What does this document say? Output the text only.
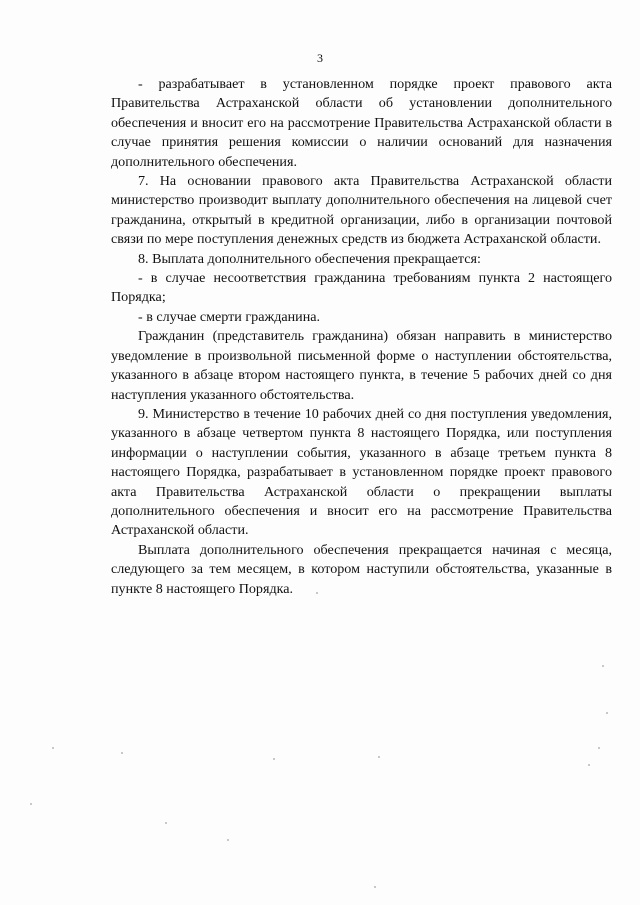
3

- разрабатывает в установленном порядке проект правового акта Правительства Астраханской области об установлении дополнительного обеспечения и вносит его на рассмотрение Правительства Астраханской области в случае принятия решения комиссии о наличии оснований для назначения дополнительного обеспечения.

7. На основании правового акта Правительства Астраханской области министерство производит выплату дополнительного обеспечения на лицевой счет гражданина, открытый в кредитной организации, либо в организации почтовой связи по мере поступления денежных средств из бюджета Астраханской области.

8. Выплата дополнительного обеспечения прекращается:

- в случае несоответствия гражданина требованиям пункта 2 настоящего Порядка;

- в случае смерти гражданина.

Гражданин (представитель гражданина) обязан направить в министерство уведомление в произвольной письменной форме о наступлении обстоятельства, указанного в абзаце втором настоящего пункта, в течение 5 рабочих дней со дня наступления указанного обстоятельства.

9. Министерство в течение 10 рабочих дней со дня поступления уведомления, указанного в абзаце четвертом пункта 8 настоящего Порядка, или поступления информации о наступлении события, указанного в абзаце третьем пункта 8 настоящего Порядка, разрабатывает в установленном порядке проект правового акта Правительства Астраханской области о прекращении выплаты дополнительного обеспечения и вносит его на рассмотрение Правительства Астраханской области.

Выплата дополнительного обеспечения прекращается начиная с месяца, следующего за тем месяцем, в котором наступили обстоятельства, указанные в пункте 8 настоящего Порядка.
